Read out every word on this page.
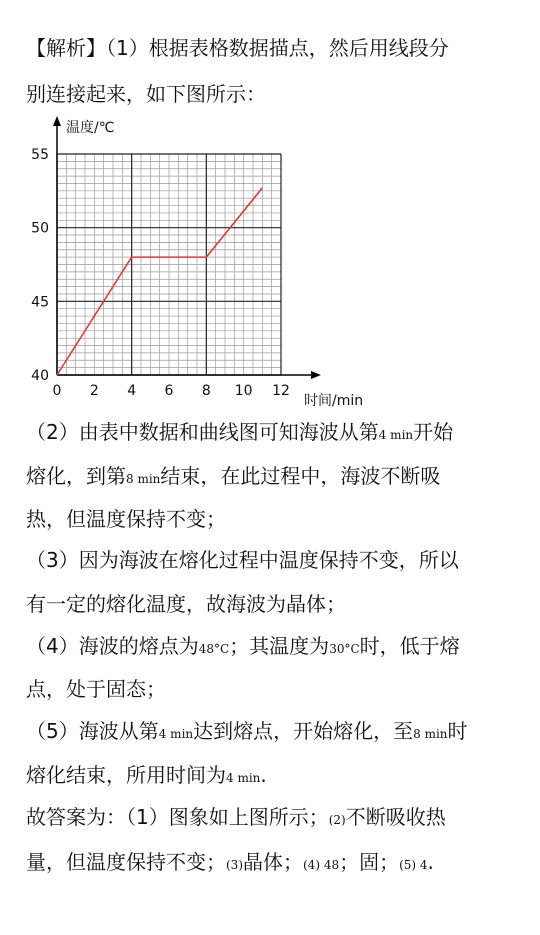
【解析】（1）根据表格数据描点，然后用线段分
别连接起来，如下图所示：
0 2 4 6 8 10 12
40
45
50
55
温度/℃
时间/min
（2）由表中数据和曲线图可知海波从第4 min开始
熔化，到第8 min结束，在此过程中，海波不断吸
热，但温度保持不变；
（3）因为海波在熔化过程中温度保持不变，所以
有一定的熔化温度，故海波为晶体；
（4）海波的熔点为48°C；其温度为30°C时，低于熔
点，处于固态；
（5）海波从第4 min达到熔点，开始熔化，至8 min时
熔化结束，所用时间为4 min.
故答案为：（1）图象如上图所示；(2)不断吸收热
量，但温度保持不变；(3)晶体；(4) 48；固；(5) 4.
